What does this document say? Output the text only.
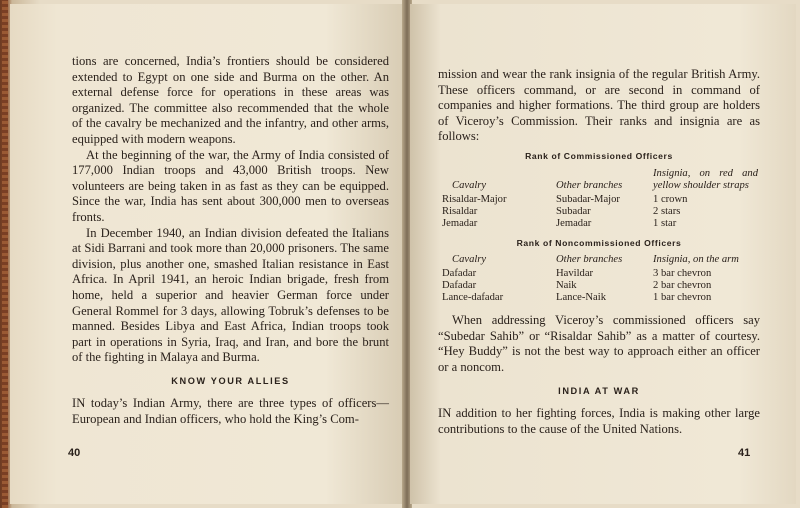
tions are concerned, India’s frontiers should be considered extended to Egypt on one side and Burma on the other. An external defense force for operations in these areas was organized. The committee also recommended that the whole of the cavalry be mechanized and the infantry, and other arms, equipped with modern weapons.

At the beginning of the war, the Army of India consisted of 177,000 Indian troops and 43,000 British troops. New volunteers are being taken in as fast as they can be equipped. Since the war, India has sent about 300,000 men to overseas fronts.

In December 1940, an Indian division defeated the Italians at Sidi Barrani and took more than 20,000 prisoners. The same division, plus another one, smashed Italian resistance in East Africa. In April 1941, an heroic Indian brigade, fresh from home, held a superior and heavier German force under General Rommel for 3 days, allowing Tobruk’s defenses to be manned. Besides Libya and East Africa, Indian troops took part in operations in Syria, Iraq, and Iran, and bore the brunt of the fighting in Malaya and Burma.

KNOW YOUR ALLIES

IN today’s Indian Army, there are three types of officers—European and Indian officers, who hold the King’s Com-

40

mission and wear the rank insignia of the regular British Army. These officers command, or are second in command of companies and higher formations. The third group are holders of Viceroy’s Commission. Their ranks and insignia are as follows:

Rank of Commissioned Officers
Cavalry	Other branches	Insignia, on red and yellow shoulder straps
Risaldar-Major	Subadar-Major	1 crown
Risaldar	Subadar	2 stars
Jemadar	Jemadar	1 star
Rank of Noncommissioned Officers
Cavalry	Other branches	Insignia, on the arm
Dafadar	Havildar	3 bar chevron
Dafadar	Naik	2 bar chevron
Lance-dafadar	Lance-Naik	1 bar chevron

When addressing Viceroy’s commissioned officers say “Subedar Sahib” or “Risaldar Sahib” as a matter of courtesy. “Hey Buddy” is not the best way to approach either an officer or a noncom.

INDIA AT WAR

IN addition to her fighting forces, India is making other large contributions to the cause of the United Nations.

41
